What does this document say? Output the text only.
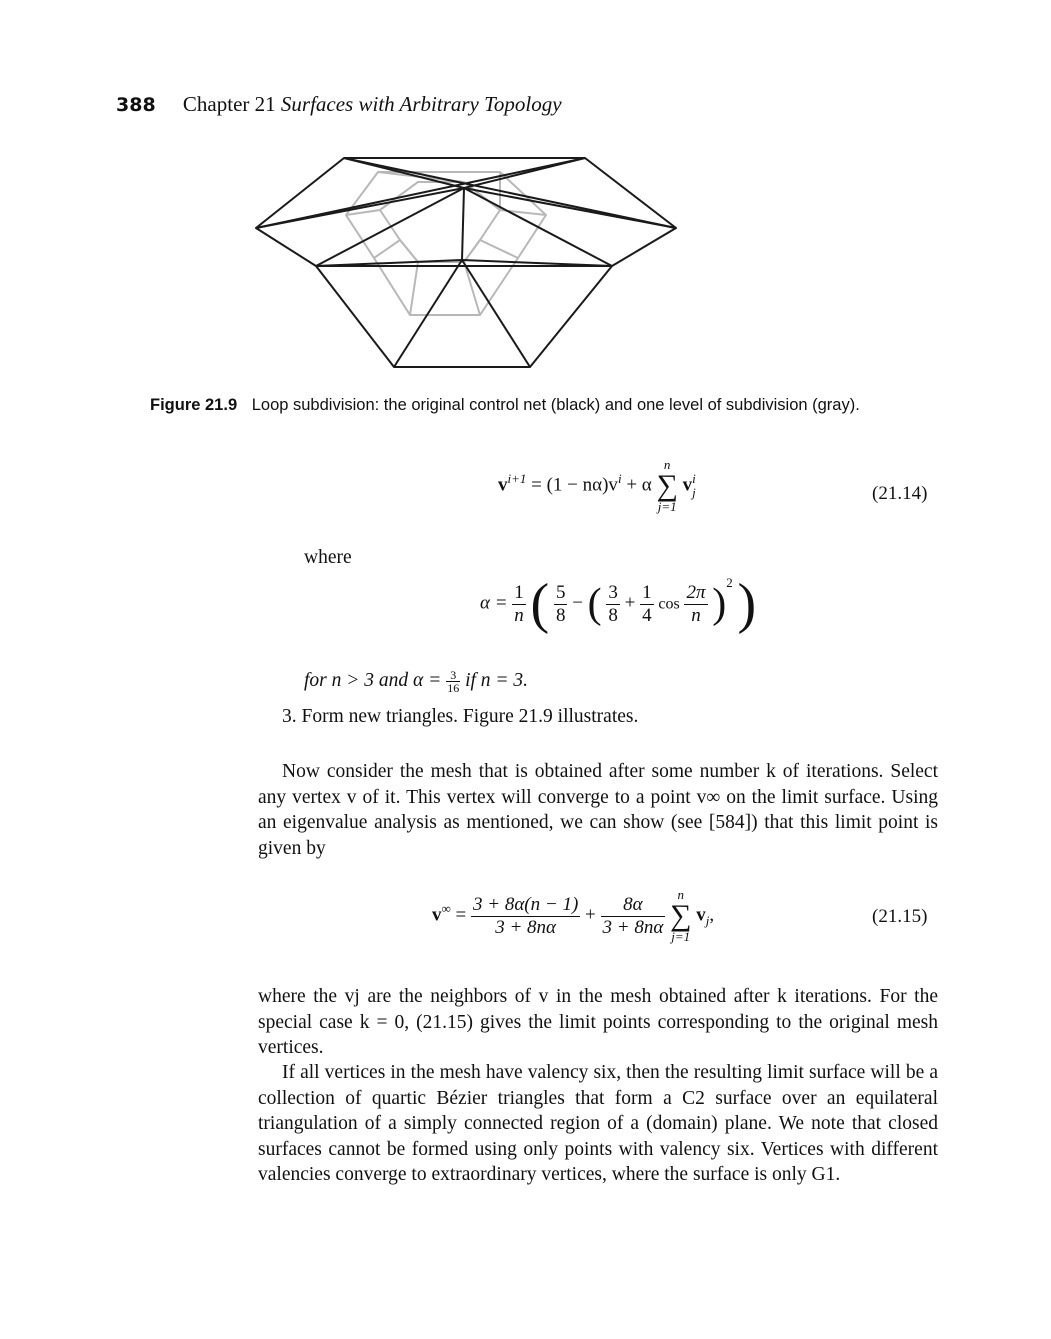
388 Chapter 21 Surfaces with Arbitrary Topology
Figure 21.9 Loop subdivision: the original control net (black) and one level of subdivision (gray).
$v^{i+1} = (1 - n\alpha)v^i + \alpha$
n
∑
j=1
v i
j	(21.14)
where
$\alpha = \frac{1}{n}$ ( $\frac{5}{8}$ − ( $\frac{3}{8} + \frac{1}{4}$ $\cos \frac{2\pi}{n} )^2$ )
for n > 3 and $\alpha = \frac{3}{16}$ if n = 3.
3. Form new triangles. Figure 21.9 illustrates.
Now consider the mesh that is obtained after some number k of iterations. Select any vertex v of it. This vertex will converge to a point v∞ on the limit surface. Using an eigenvalue analysis as mentioned, we can show (see [584]) that this limit point is given by
$v^\infty = \frac{3 + 8\alpha(n - 1)}{3 + 8n\alpha} + \frac{8\alpha}{3 + 8n\alpha}$
n
∑
j=1
$v_j$,	(21.15)
where the vj are the neighbors of v in the mesh obtained after k iterations. For the special case k = 0, (21.15) gives the limit points corresponding to the original mesh vertices.
If all vertices in the mesh have valency six, then the resulting limit surface will be a collection of quartic Bézier triangles that form a C2 surface over an equilateral triangulation of a simply connected region of a (domain) plane. We note that closed surfaces cannot be formed using only points with valency six. Vertices with different valencies converge to extraordinary vertices, where the surface is only G1.
